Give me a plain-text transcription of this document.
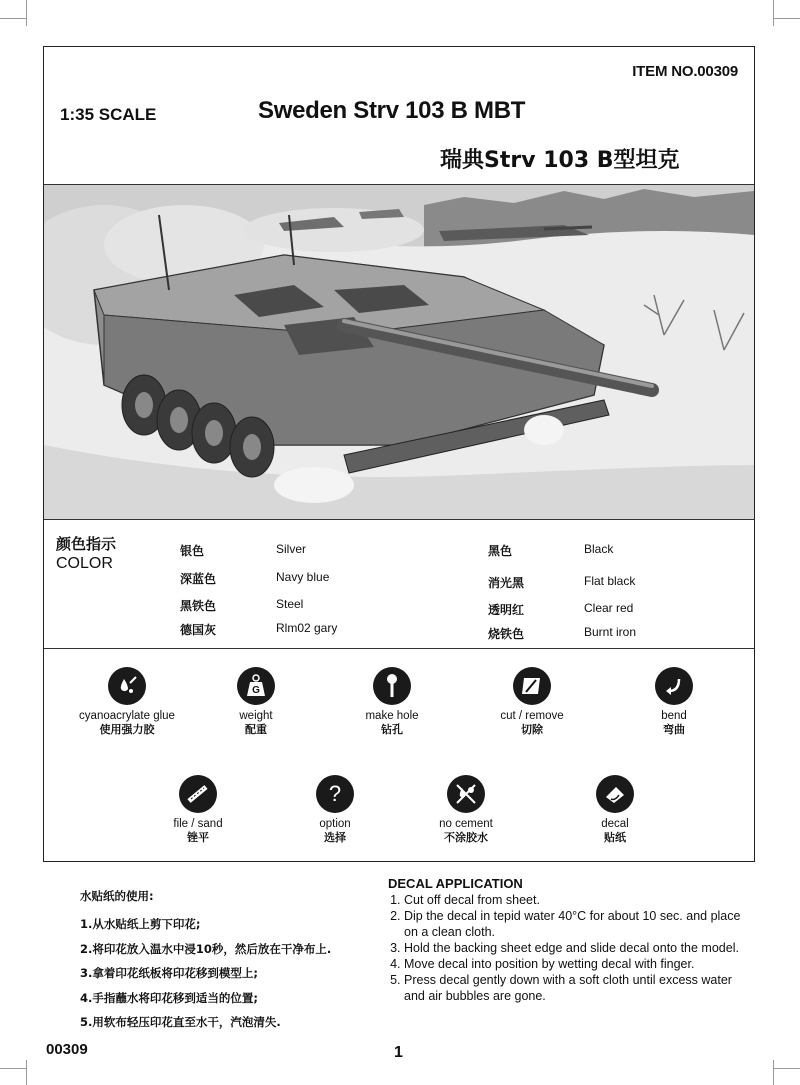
ITEM NO.00309
1:35 SCALE	Sweden Strv 103 B MBT
瑞典Strv 103 B型坦克
颜色指示
COLOR
银色	Silver
深蓝色	Navy blue
黑铁色	Steel
德国灰	Rlm02 gary
黑色	Black
消光黑	Flat black
透明红	Clear red
烧铁色	Burnt iron
cyanoacrylate glue
使用强力胶
G
weight
配重
make hole
钻孔
cut / remove
切除
bend
弯曲
file / sand
锉平
?
option
选择
no cement
不涂胶水
decal
贴纸
水贴纸的使用:
1.从水贴纸上剪下印花;
2.将印花放入温水中浸10秒，然后放在干净布上.
3.拿着印花纸板将印花移到模型上;
4.手指蘸水将印花移到适当的位置;
5.用软布轻压印花直至水干，汽泡清失.
DECAL APPLICATION
1. Cut off decal from sheet.
2. Dip the decal in tepid water 40°C for about 10 sec. and place on a clean cloth.
3. Hold the backing sheet edge and slide decal onto the model.
4. Move decal into position by wetting decal with finger.
5. Press decal gently down with a soft cloth until excess water and air bubbles are gone.
00309	1
